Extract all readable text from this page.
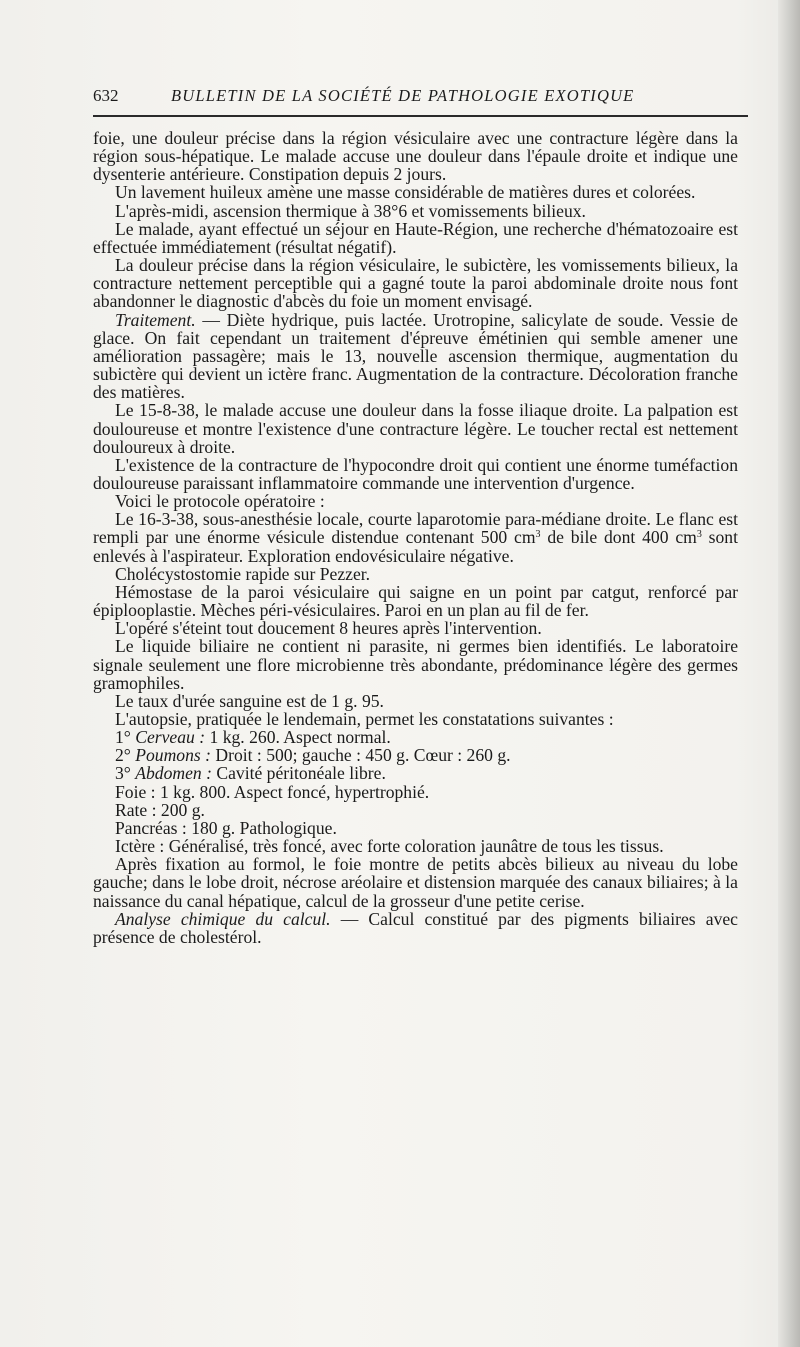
632	BULLETIN DE LA SOCIÉTÉ DE PATHOLOGIE EXOTIQUE

foie, une douleur précise dans la région vésiculaire avec une contracture légère dans la région sous-hépatique. Le malade accuse une douleur dans l'épaule droite et indique une dysenterie antérieure. Constipation depuis 2 jours.

Un lavement huileux amène une masse considérable de matières dures et colorées.

L'après-midi, ascension thermique à 38°6 et vomissements bilieux.

Le malade, ayant effectué un séjour en Haute-Région, une recherche d'hématozoaire est effectuée immédiatement (résultat négatif).

La douleur précise dans la région vésiculaire, le subictère, les vomissements bilieux, la contracture nettement perceptible qui a gagné toute la paroi abdominale droite nous font abandonner le diagnostic d'abcès du foie un moment envisagé.

Traitement. — Diète hydrique, puis lactée. Urotropine, salicylate de soude. Vessie de glace. On fait cependant un traitement d'épreuve émétinien qui semble amener une amélioration passagère; mais le 13, nouvelle ascension thermique, augmentation du subictère qui devient un ictère franc. Augmentation de la contracture. Décoloration franche des matières.

Le 15-8-38, le malade accuse une douleur dans la fosse iliaque droite. La palpation est douloureuse et montre l'existence d'une contracture légère. Le toucher rectal est nettement douloureux à droite.

L'existence de la contracture de l'hypocondre droit qui contient une énorme tuméfaction douloureuse paraissant inflammatoire commande une intervention d'urgence.

Voici le protocole opératoire :

Le 16-3-38, sous-anesthésie locale, courte laparotomie para-médiane droite. Le flanc est rempli par une énorme vésicule distendue contenant 500 $cm^3$ de bile dont 400 $cm^3$ sont enlevés à l'aspirateur. Exploration endovésiculaire négative.

Cholécystostomie rapide sur Pezzer.

Hémostase de la paroi vésiculaire qui saigne en un point par catgut, renforcé par épiplooplastie. Mèches péri-vésiculaires. Paroi en un plan au fil de fer.

L'opéré s'éteint tout doucement 8 heures après l'intervention.

Le liquide biliaire ne contient ni parasite, ni germes bien identifiés. Le laboratoire signale seulement une flore microbienne très abondante, prédominance légère des germes gramophiles.

Le taux d'urée sanguine est de 1 g. 95.

L'autopsie, pratiquée le lendemain, permet les constatations suivantes :

1° Cerveau : 1 kg. 260. Aspect normal.

2° Poumons : Droit : 500; gauche : 450 g. Cœur : 260 g.

3° Abdomen : Cavité péritonéale libre.

Foie : 1 kg. 800. Aspect foncé, hypertrophié.

Rate : 200 g.

Pancréas : 180 g. Pathologique.

Ictère : Généralisé, très foncé, avec forte coloration jaunâtre de tous les tissus.

Après fixation au formol, le foie montre de petits abcès bilieux au niveau du lobe gauche; dans le lobe droit, nécrose aréolaire et distension marquée des canaux biliaires; à la naissance du canal hépatique, calcul de la grosseur d'une petite cerise.

Analyse chimique du calcul. — Calcul constitué par des pigments biliaires avec présence de cholestérol.
